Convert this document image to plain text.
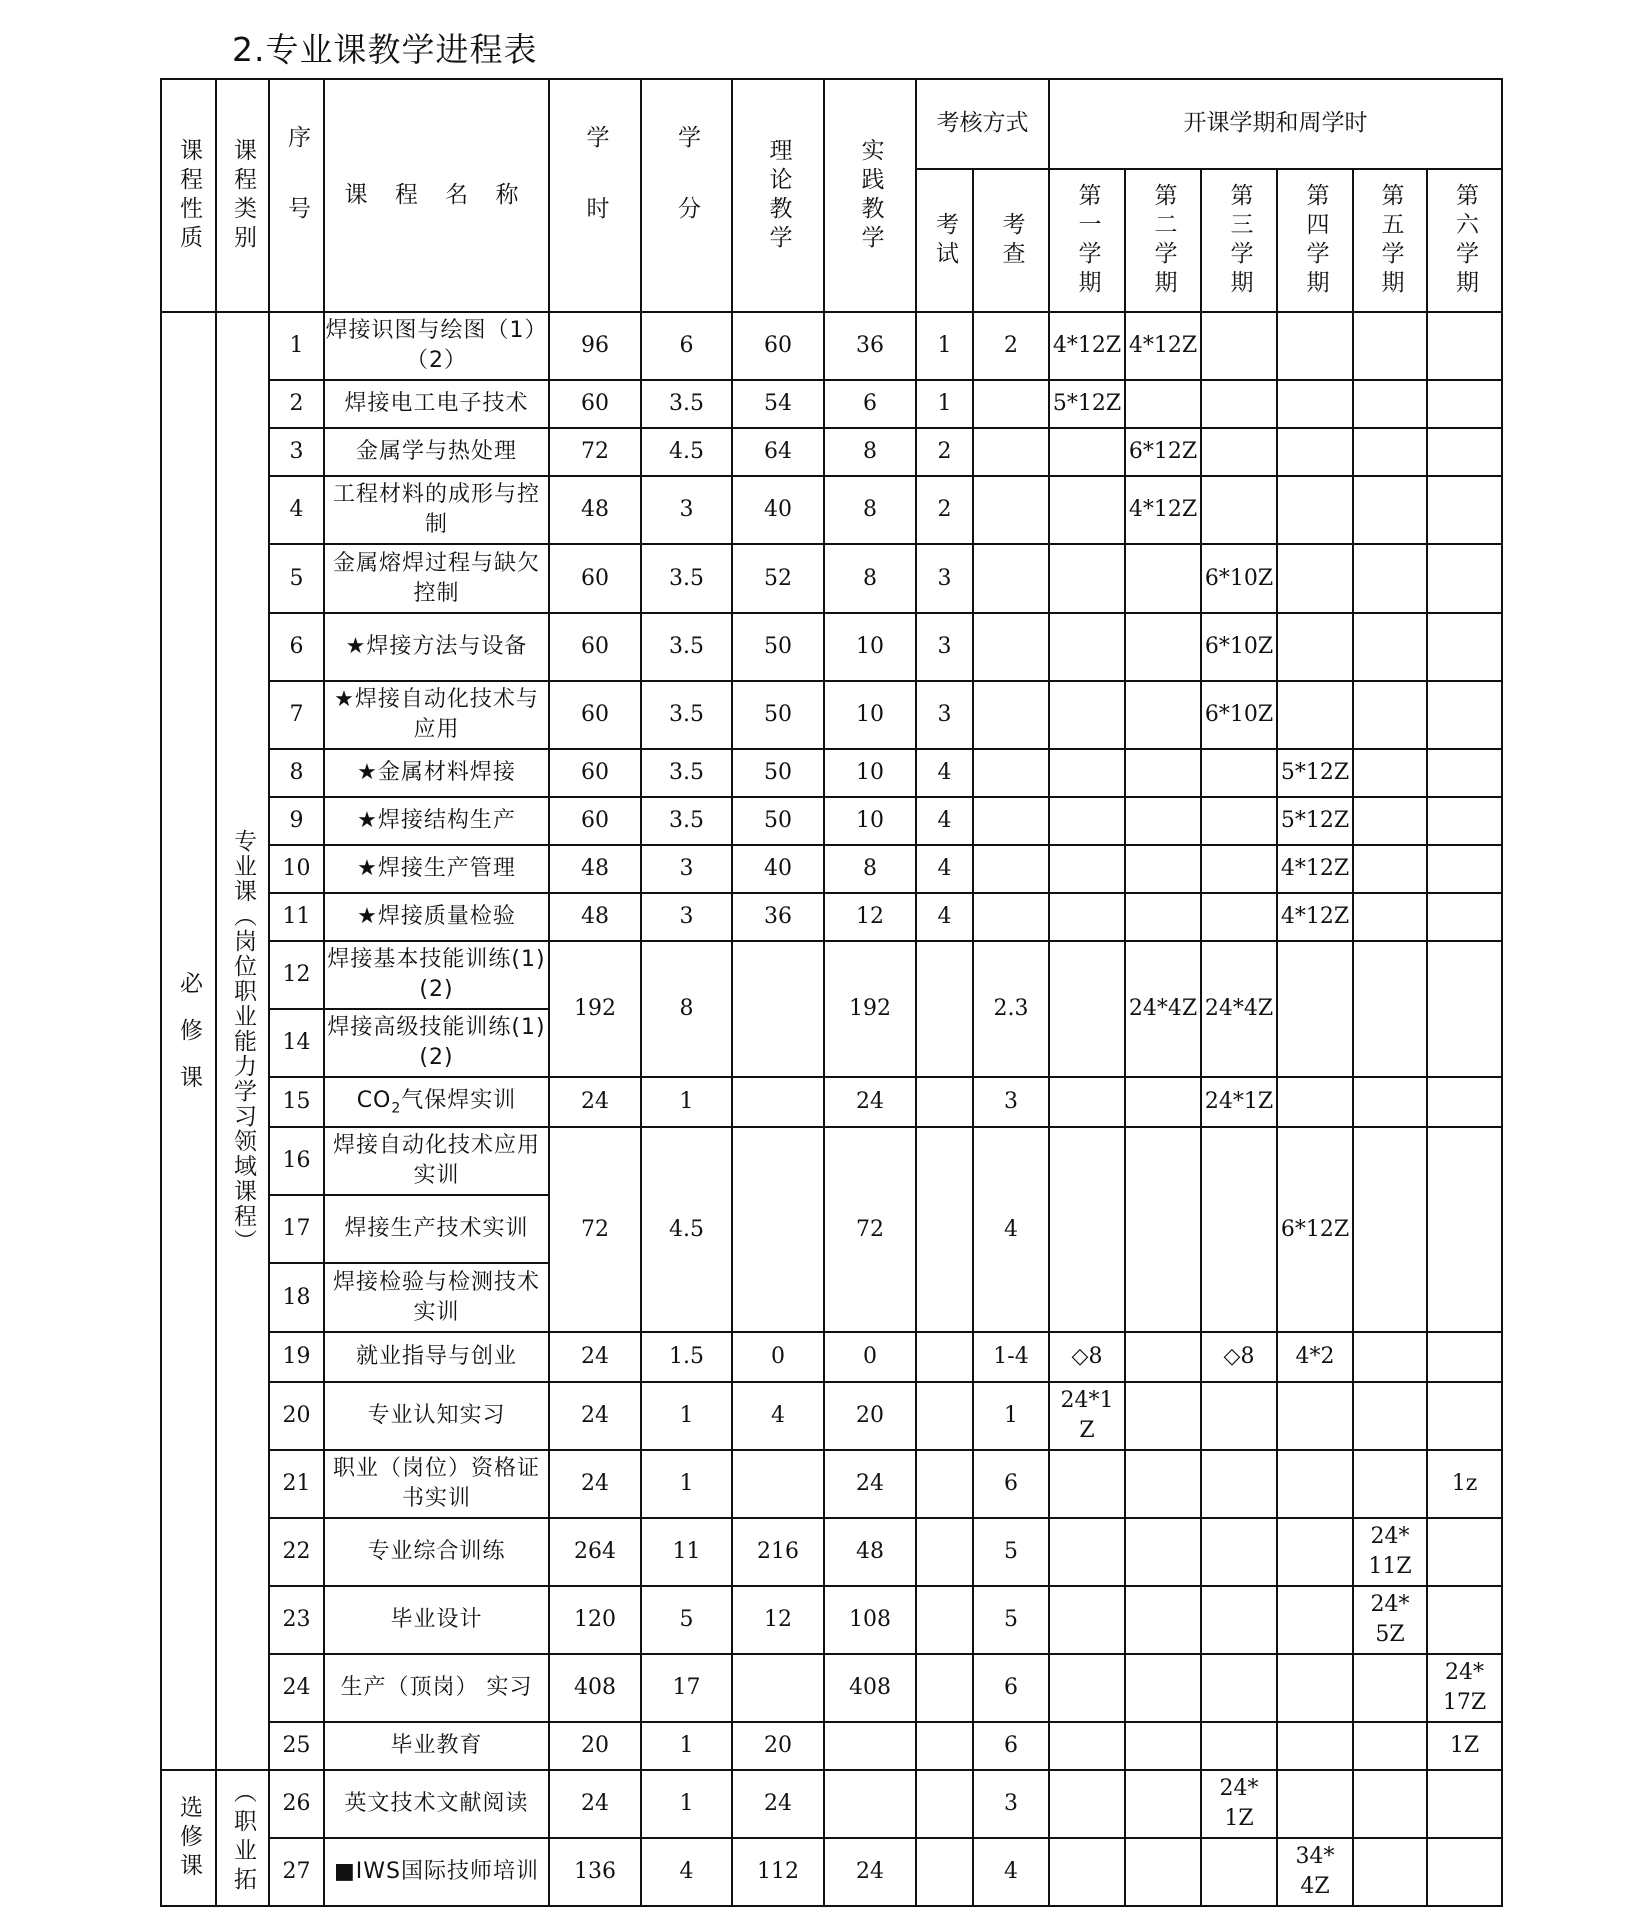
2.专业课教学进程表
课程性质	课程类别	序号	课 程 名 称	学时	学分	理论教学	实践教学	考核方式		开课学期和周学时					

								考试	考查	第一学期	第二学期	第三学期	第四学期	第五学期	第六学期

必修课	专业课︵岗位职业能力学习领域课程︶	1	焊接识图与绘图（1）（2）	96	6	60	36	1	2	4*12Z	4*12Z				
		2	焊接电工电子技术	60	3.5	54	6	1		5*12Z					
		3	金属学与热处理	72	4.5	64	8	2			6*12Z				
		4	工程材料的成形与控制	48	3	40	8	2			4*12Z				
		5	金属熔焊过程与缺欠控制	60	3.5	52	8	3				6*10Z			
		6	★焊接方法与设备	60	3.5	50	10	3				6*10Z			
		7	★焊接自动化技术与应用	60	3.5	50	10	3				6*10Z			
		8	★金属材料焊接	60	3.5	50	10	4					5*12Z		
		9	★焊接结构生产	60	3.5	50	10	4					5*12Z		
		10	★焊接生产管理	48	3	40	8	4					4*12Z		
		11	★焊接质量检验	48	3	36	12	4					4*12Z		
		12	焊接基本技能训练(1)(2)	192	8		192		2.3		24*4Z	24*4Z			
		14	焊接高级技能训练(1)(2)												
		15	$CO_2$气保焊实训	24	1		24		3			24*1Z			
		16	焊接自动化技术应用实训	72	4.5		72		4				6*12Z		
		17	焊接生产技术实训												
		18	焊接检验与检测技术实训												
		19	就业指导与创业	24	1.5	0	0		1-4	◇8		◇8	4*2		
		20	专业认知实习	24	1	4	20		1	24*1Z					
		21	职业（岗位）资格证书实训	24	1		24		6						1z
		22	专业综合训练	264	11	216	48		5					24*11Z	
		23	毕业设计	120	5	12	108		5					24*5Z	
		24	生产（顶岗） 实习	408	17		408		6						24*17Z
		25	毕业教育	20	1	20			6						1Z

选修课	︵职业拓	26	英文技术文献阅读	24	1	24			3			24*1Z			
		27	■IWS国际技师培训	136	4	112	24		4				34*4Z		
